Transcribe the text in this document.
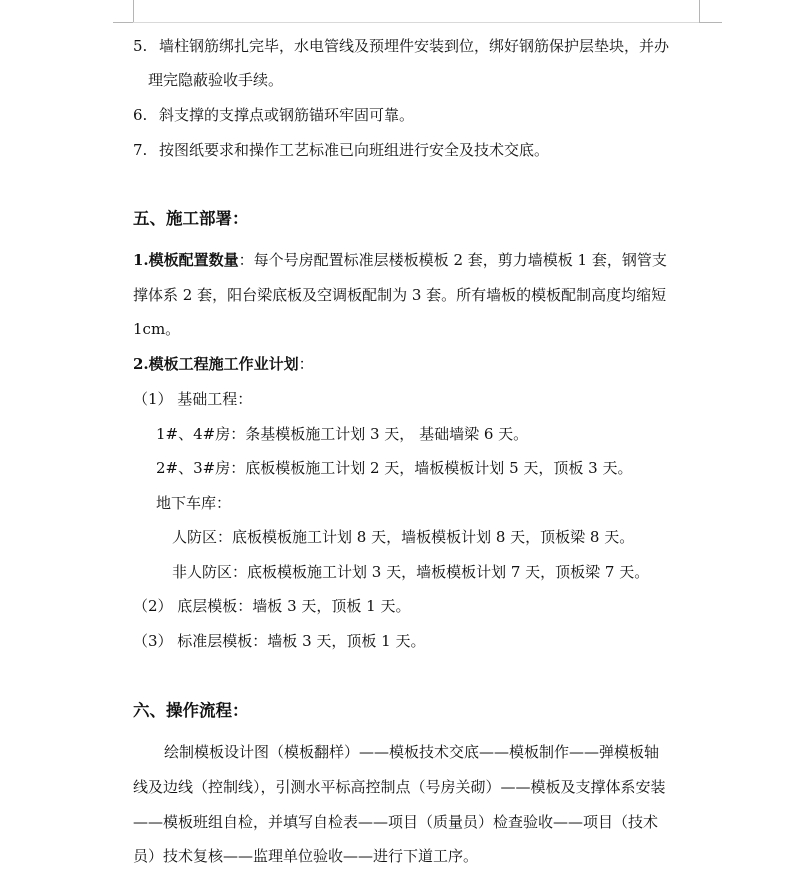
5. 墙柱钢筋绑扎完毕，水电管线及预埋件安装到位，绑好钢筋保护层垫块，并办
理完隐蔽验收手续。
6. 斜支撑的支撑点或钢筋锚环牢固可靠。
7. 按图纸要求和操作工艺标准已向班组进行安全及技术交底。
五、施工部署：
1.模板配置数量：每个号房配置标准层楼板模板 2 套，剪力墙模板 1 套，钢管支
撑体系 2 套，阳台梁底板及空调板配制为 3 套。所有墙板的模板配制高度均缩短
1cm。
2.模板工程施工作业计划：
（1） 基础工程：
1#、4#房：条基模板施工计划 3 天， 基础墙梁 6 天。
2#、3#房：底板模板施工计划 2 天，墙板模板计划 5 天，顶板 3 天。
地下车库：
人防区：底板模板施工计划 8 天，墙板模板计划 8 天，顶板梁 8 天。
非人防区：底板模板施工计划 3 天，墙板模板计划 7 天，顶板梁 7 天。
（2） 底层模板：墙板 3 天，顶板 1 天。
（3） 标准层模板：墙板 3 天，顶板 1 天。
六、操作流程：
绘制模板设计图（模板翻样）——模板技术交底——模板制作——弹模板轴
线及边线（控制线），引测水平标高控制点（号房关砌）——模板及支撑体系安装
——模板班组自检，并填写自检表——项目（质量员）检查验收——项目（技术
员）技术复核——监理单位验收——进行下道工序。
